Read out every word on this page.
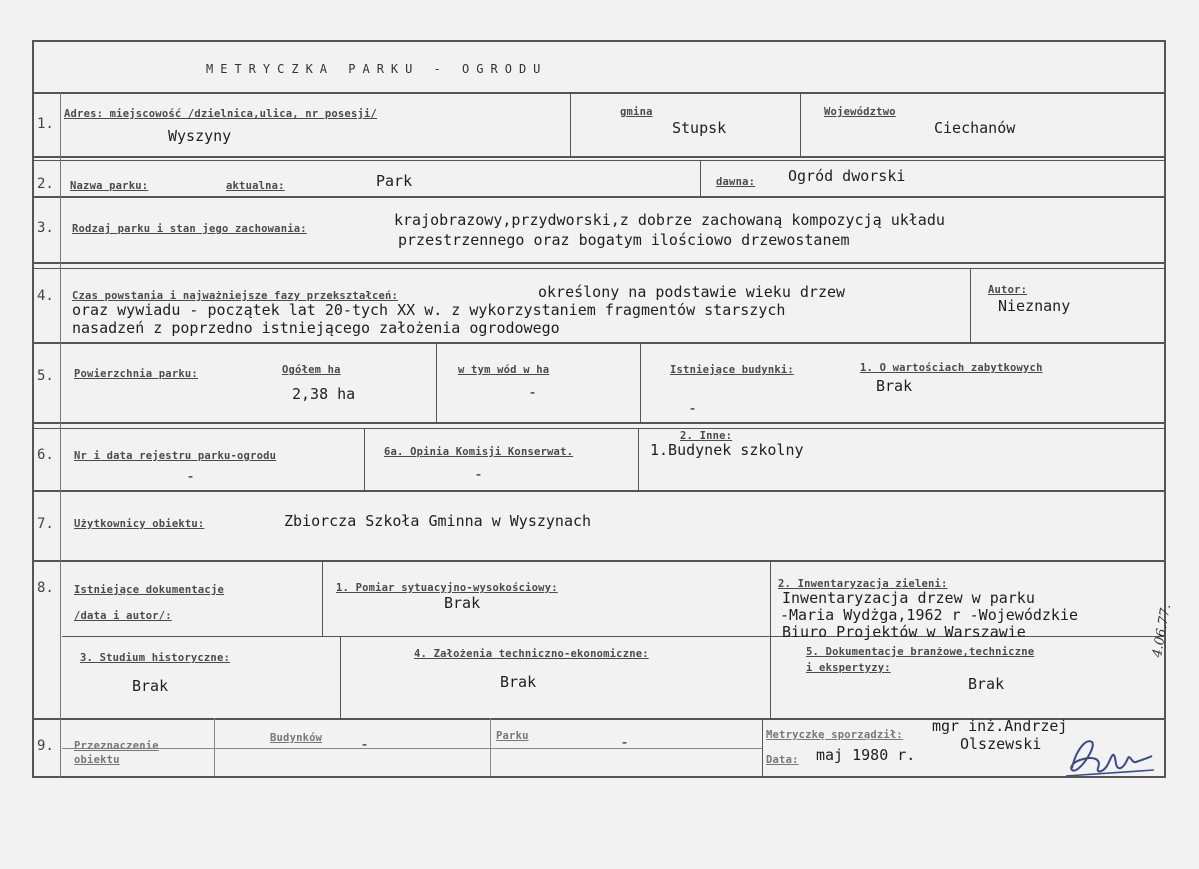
METRYCZKA PARKU - OGRODU
1.
Adres: miejscowość /dzielnica,ulica, nr posesji/
Wyszyny
gmina
Stupsk
Województwo
Ciechanów
2. Nazwa parku:	aktualna:	Park	dawna: Ogród dworski
3. Rodzaj parku i stan jego zachowania:	krajobrazowy,przydworski,z dobrze zachowaną kompozycją układu
przestrzennego oraz bogatym ilościowo drzewostanem
4. Czas powstania i najważniejsze fazy przekształceń:	określony na podstawie wieku drzew
oraz wywiadu - początek lat 20-tych XX w. z wykorzystaniem fragmentów starszych
nasadzeń z poprzedno istniejącego założenia ogrodowego
Autor:
Nieznany
5. Powierzchnia parku:	Ogółem ha
2,38 ha
w tym wód w ha
-
Istniejące budynki:	1. O wartościach zabytkowych
Brak
-
6. Nr i data rejestru parku-ogrodu
-
6a. Opinia Komisji Konserwat.
-
2. Inne:
1.Budynek szkolny
7. Użytkownicy obiektu:	Zbiorcza Szkoła Gminna w Wyszynach
8. Istniejące dokumentacje
/data i autor/:
1. Pomiar sytuacyjno-wysokościowy:
Brak
2. Inwentaryzacja zieleni:
Inwentaryzacja drzew w parku
-Maria Wydżga,1962 r -Wojewódzkie
Biuro Projektów w Warszawie
3. Studium historyczne:
Brak
4. Założenia techniczno-ekonomiczne:
Brak
5. Dokumentacje branżowe,techniczne
i ekspertyzy:
Brak
9. Przeznaczenie
obiektu
Budynków	-	Parku	-	Metryczkę sporządził: mgr inż.Andrzej
Olszewski
Data: maj 1980 r.
4.06.77.
